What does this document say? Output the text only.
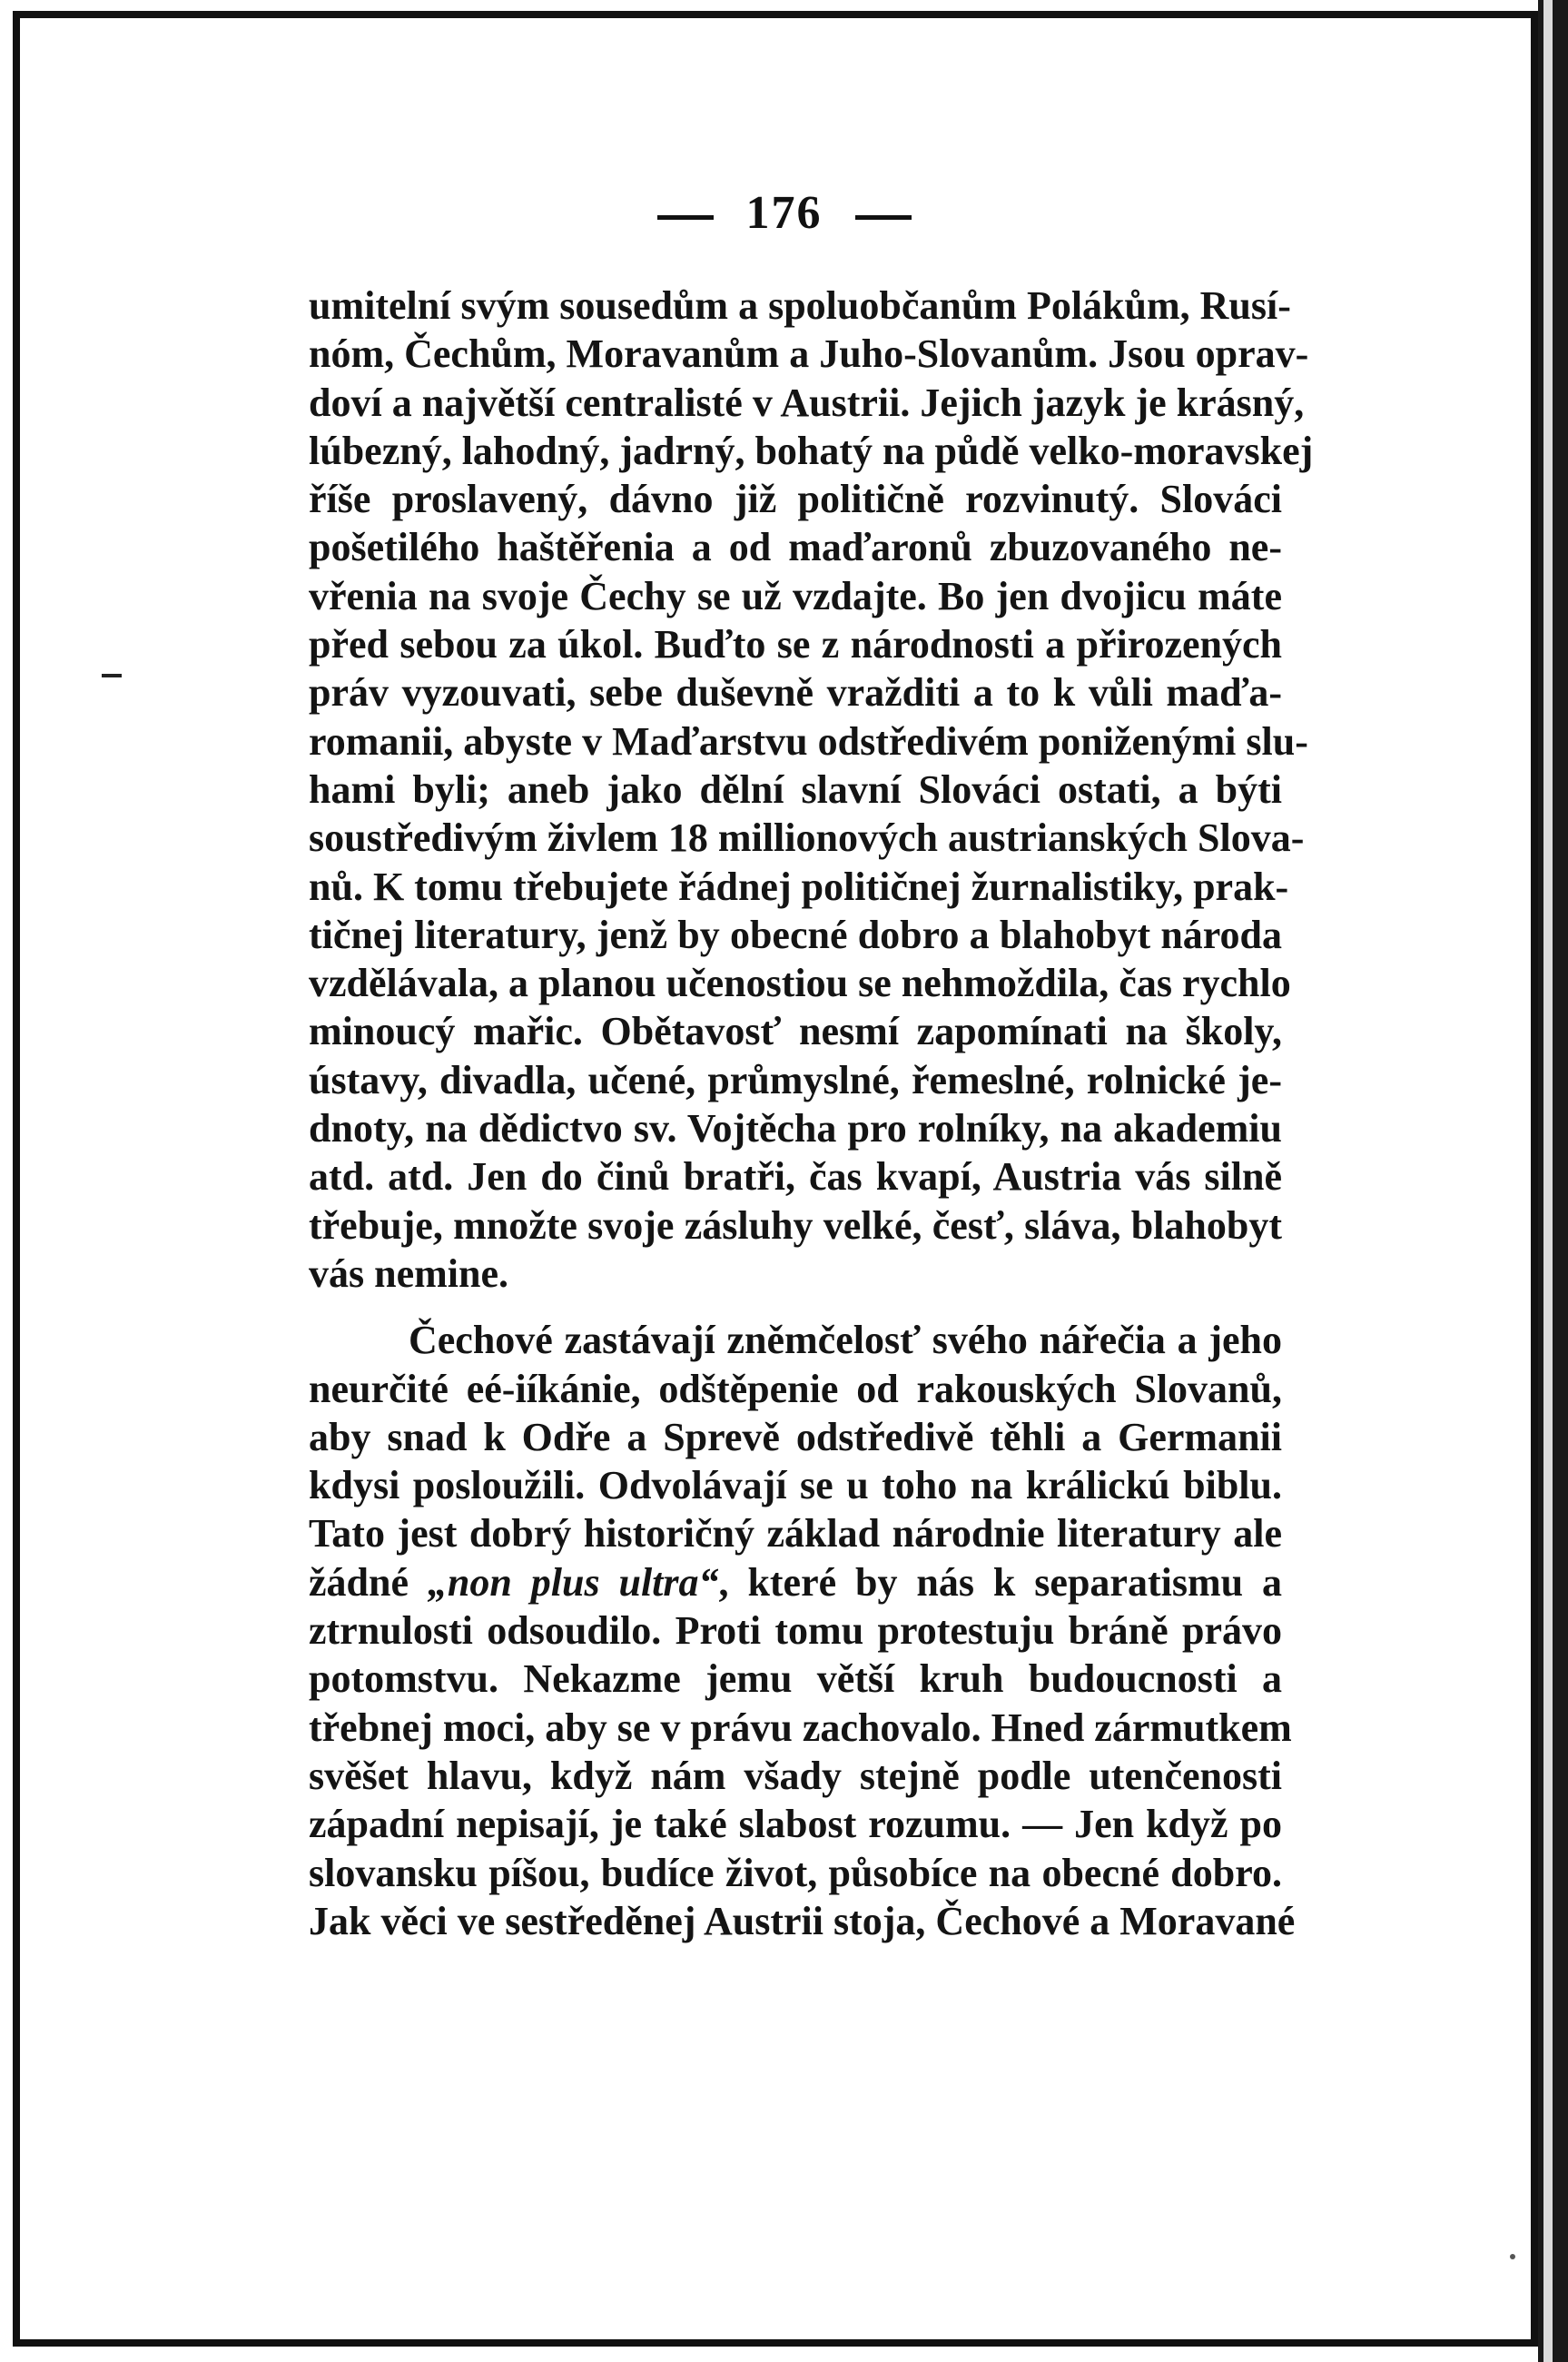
176
umitelní svým sousedům a spoluobčanům Polákům, Rusí-
nóm, Čechům, Moravanům a Juho-Slovanům. Jsou oprav-
doví a najvětší centralisté v Austrii. Jejich jazyk je krásný,
lúbezný, lahodný, jadrný, bohatý na půdě velko-moravskej
říše proslavený, dávno již političně rozvinutý. Slováci
pošetilého haštěřenia a od maďaronů zbuzovaného ne-
vřenia na svoje Čechy se už vzdajte. Bo jen dvojicu máte
před sebou za úkol. Buďto se z národnosti a přirozených
práv vyzouvati, sebe duševně vražditi a to k vůli maďa-
romanii, abyste v Maďarstvu odstředivém poniženými slu-
hami byli; aneb jako dělní slavní Slováci ostati, a býti
soustředivým živlem 18 millionových austrianských Slova-
nů. K tomu třebujete řádnej političnej žurnalistiky, prak-
tičnej literatury, jenž by obecné dobro a blahobyt národa
vzdělávala, a planou učenostiou se nehmoždila, čas rychlo
minoucý mařic. Obětavosť nesmí zapomínati na školy,
ústavy, divadla, učené, průmyslné, řemeslné, rolnické je-
dnoty, na dědictvo sv. Vojtěcha pro rolníky, na akademiu
atd. atd. Jen do činů bratři, čas kvapí, Austria vás silně
třebuje, množte svoje zásluhy velké, česť, sláva, blahobyt
vás nemine.
Čechové zastávají zněmčelosť svého nářečia a jeho
neurčité eé-iíkánie, odštěpenie od rakouských Slovanů,
aby snad k Odře a Sprevě odstředivě těhli a Germanii
kdysi posloužili. Odvolávají se u toho na králickú biblu.
Tato jest dobrý historičný základ národnie literatury ale
žádné „non plus ultra“, které by nás k separatismu a
ztrnulosti odsoudilo. Proti tomu protestuju bráně právo
potomstvu. Nekazme jemu větší kruh budoucnosti a
třebnej moci, aby se v právu zachovalo. Hned zármutkem
svěšet hlavu, když nám všady stejně podle utenčenosti
západní nepisají, je také slabost rozumu. — Jen když po
slovansku píšou, budíce život, působíce na obecné dobro.
Jak věci ve sestředěnej Austrii stoja, Čechové a Moravané
